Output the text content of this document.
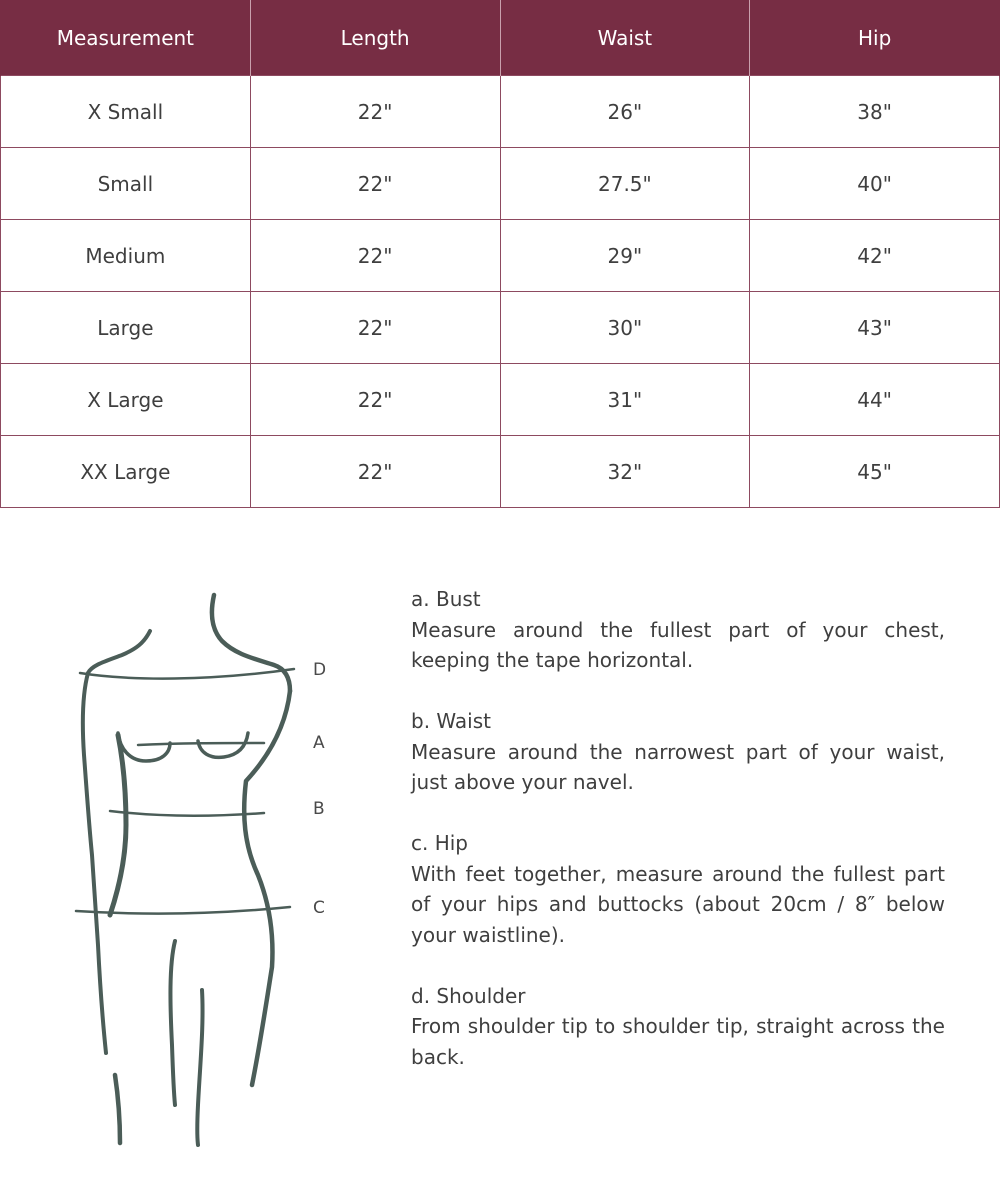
Measurement	Length	Waist	Hip
X Small	22"	26"	38"
Small	22"	27.5"	40"
Medium	22"	29"	42"
Large	22"	30"	43"
X Large	22"	31"	44"
XX Large	22"	32"	45"
D
A
B
C
a. Bust
Measure around the fullest part of your chest, keeping the tape horizontal.
b. Waist
Measure around the narrowest part of your waist, just above your navel.
c. Hip
With feet together, measure around the fullest part of your hips and buttocks (about 20cm / 8″ below your waistline).
d. Shoulder
From shoulder tip to shoulder tip, straight across the back.
